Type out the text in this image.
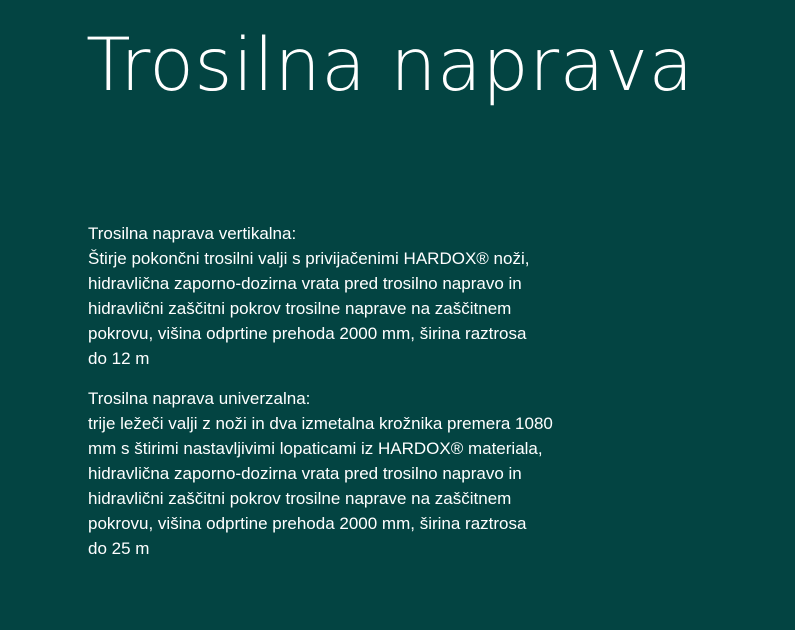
Trosilna naprava
Trosilna naprava vertikalna:
Štirje pokončni trosilni valji s privijačenimi HARDOX® noži,
hidravlična zaporno-dozirna vrata pred trosilno napravo in
hidravlični zaščitni pokrov trosilne naprave na zaščitnem
pokrovu, višina odprtine prehoda 2000 mm, širina raztrosa
do 12 m
Trosilna naprava univerzalna:
trije ležeči valji z noži in dva izmetalna krožnika premera 1080
mm s štirimi nastavljivimi lopaticami iz HARDOX® materiala,
hidravlična zaporno-dozirna vrata pred trosilno napravo in
hidravlični zaščitni pokrov trosilne naprave na zaščitnem
pokrovu, višina odprtine prehoda 2000 mm, širina raztrosa
do 25 m
